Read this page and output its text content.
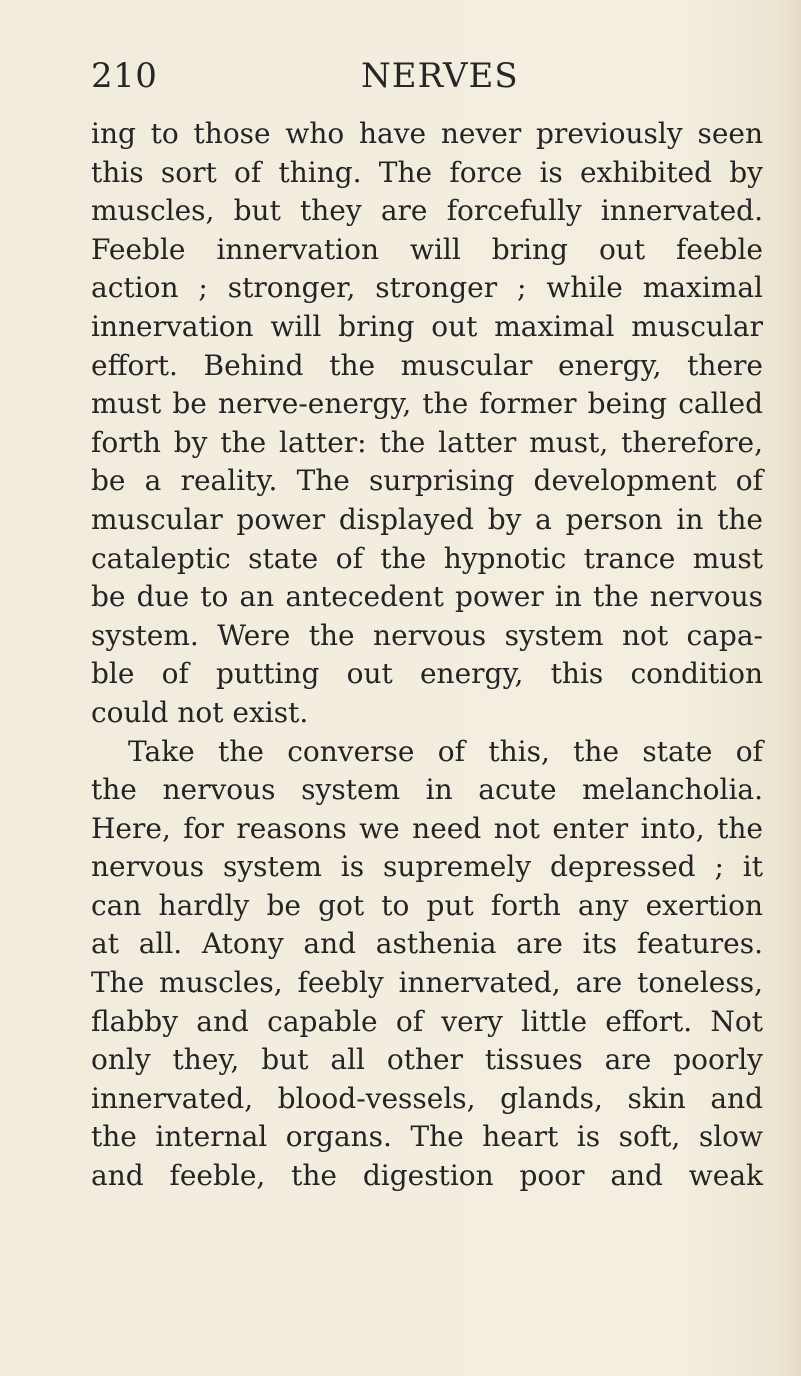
210	NERVES
ing to those who have never previously seen
this sort of thing. The force is exhibited by
muscles, but they are forcefully innervated.
Feeble innervation will bring out feeble
action ; stronger, stronger ; while maximal
innervation will bring out maximal muscular
effort. Behind the muscular energy, there
must be nerve-energy, the former being called
forth by the latter: the latter must, therefore,
be a reality. The surprising development of
muscular power displayed by a person in the
cataleptic state of the hypnotic trance must
be due to an antecedent power in the nervous
system. Were the nervous system not capa-
ble of putting out energy, this condition
could not exist.
Take the converse of this, the state of
the nervous system in acute melancholia.
Here, for reasons we need not enter into, the
nervous system is supremely depressed ; it
can hardly be got to put forth any exertion
at all. Atony and asthenia are its features.
The muscles, feebly innervated, are toneless,
flabby and capable of very little effort. Not
only they, but all other tissues are poorly
innervated, blood-vessels, glands, skin and
the internal organs. The heart is soft, slow
and feeble, the digestion poor and weak
